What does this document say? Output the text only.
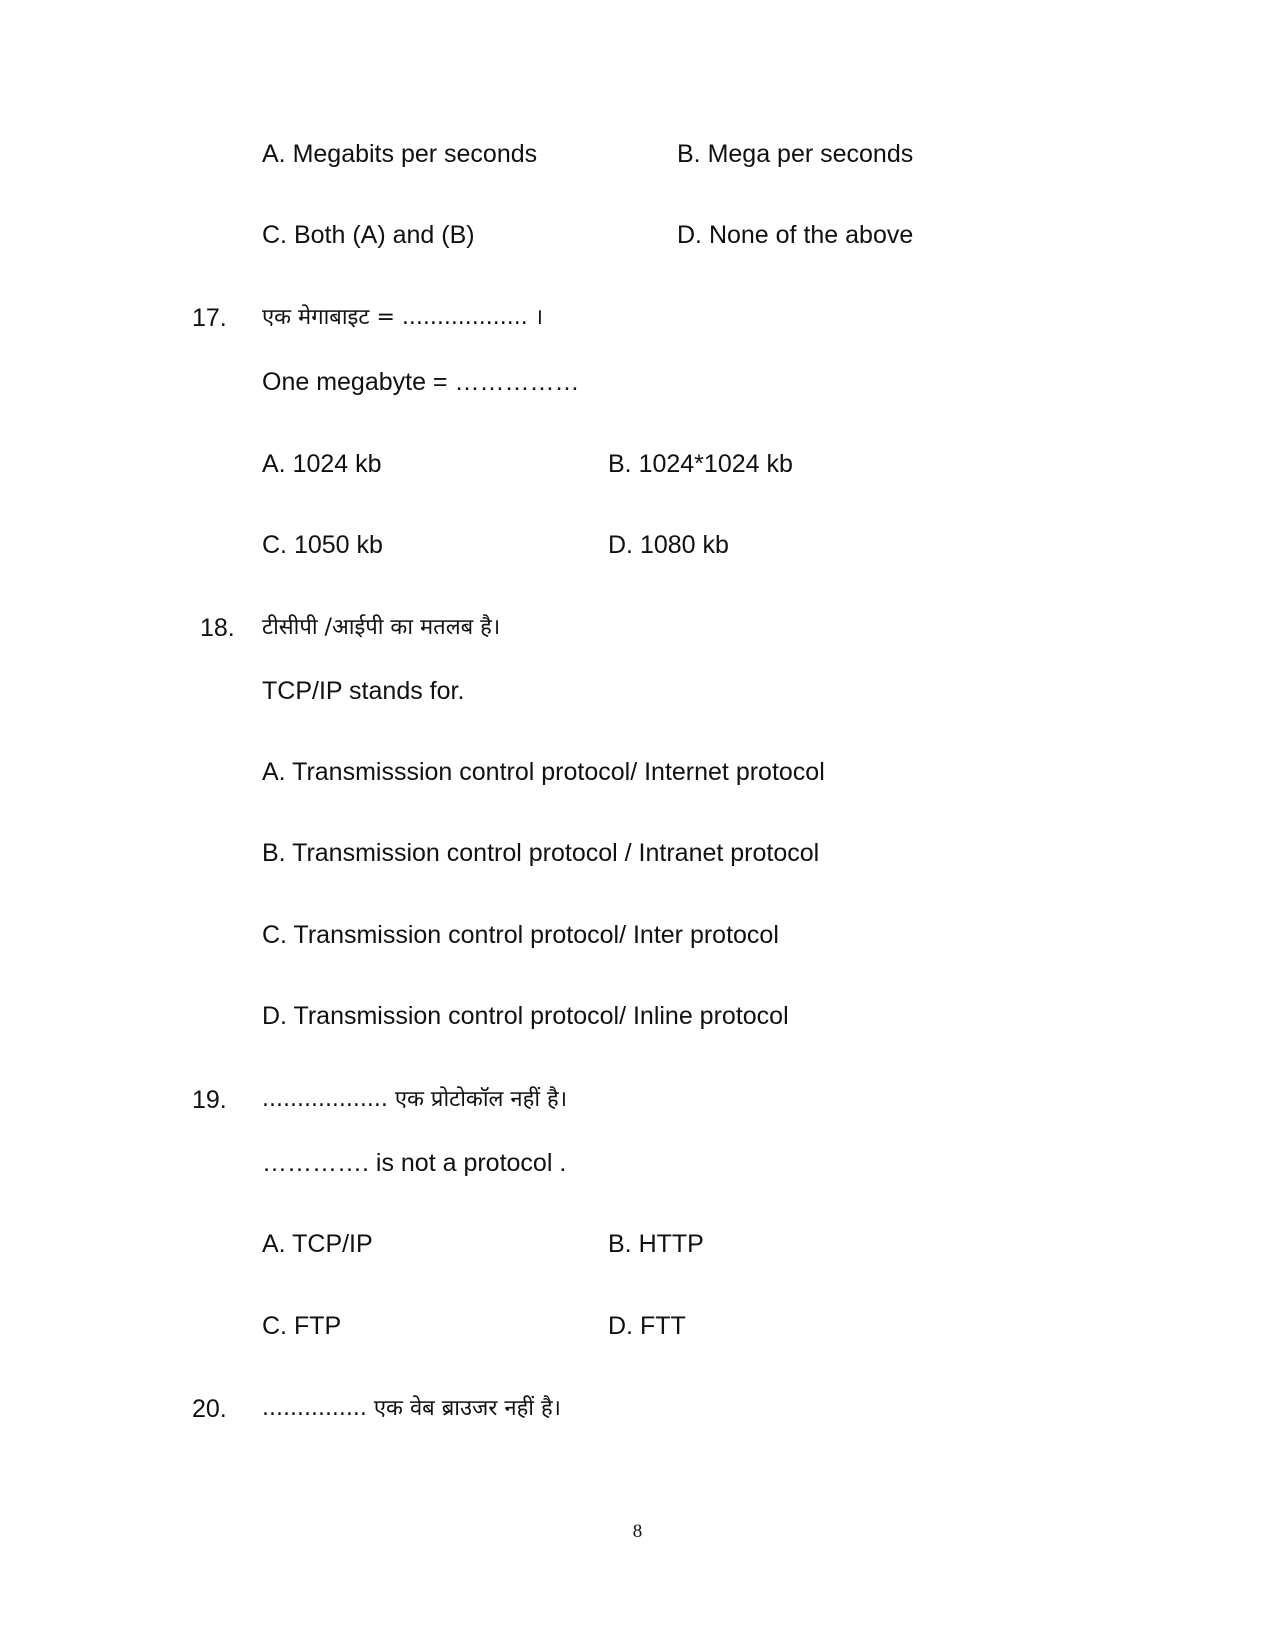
A. Megabits per seconds	B. Mega per seconds
C. Both (A) and (B)	D. None of the above
17. एक मेगाबाइट = .................. ।
One megabyte = ……………
A. 1024 kb	B. 1024*1024 kb
C. 1050 kb	D. 1080 kb
18. टीसीपी /आईपी का मतलब है।
TCP/IP stands for.
A. Transmisssion control protocol/ Internet protocol
B. Transmission control protocol / Intranet protocol
C. Transmission control protocol/ Inter protocol
D. Transmission control protocol/ Inline protocol
19. .................. एक प्रोटोकॉल नहीं है।
…………. is not a protocol .
A. TCP/IP	B. HTTP
C. FTP	D. FTT
20. ............... एक वेब ब्राउजर नहीं है।
8
